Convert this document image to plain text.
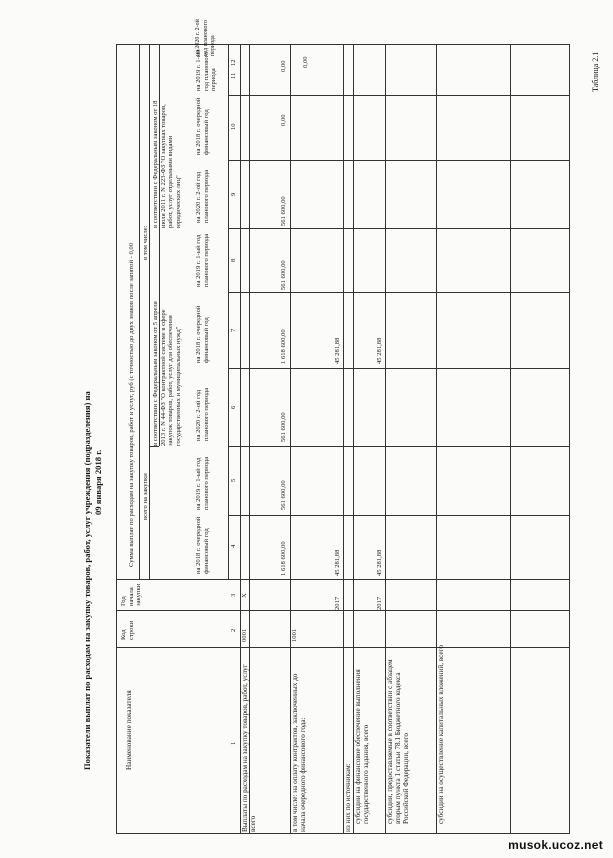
Таблица 2.1
Показатели выплат по расходам на закупку товаров, работ, услуг учреждения (подразделения) на 09 января 2018 г.
Наименование показателя
Код строки
Год начала закупки
Сумма выплат по расходам на закупку товаров, работ и услуг, руб (с точностью до двух знаков после запятой - 0,00 всего на закупки
в том числе:
в соответствии с Федеральным законом от 5 апреля 2013 г. N 44-ФЗ "О контрактной системе в сфере закупок товаров, работ, услуг для обеспечения государственных и муниципальных нужд"
в соответствии с Федеральным законом от 18 июля 2011 г. N 223-ФЗ "О закупках товаров, работ, услуг отдельными видами юридических лиц"
на 2018 г. очередной финансовый год
на 2019 г. 1-ый год планового периода
на 2020 г. 2-ой год планового периода
на 2018 г. очередной финансовый год
на 2019 г. 1-ый год планового периода
на 2020 г. 2-ой год планового периода
на 2018 г. очередной финансовый год
на 2019 г. 1-ый год планового периода
на 2020 г. 2-ой год планового периода
1
2
3
4
5
6
7
8
9
10
11
12
Выплаты по расходам на закупку товаров, работ, услуг всего
0001
X
1 618 600,00
561 600,00
561 600,00
1 618 600,00
561 600,00
561 600,00
0,00
0,00 0,00
в том числе: на оплату контрактов, заключенных до начала очередного финансового года:
1001
2017
45 281,88
45 281,88
из них по источникам: субсидии на финансовое обеспечение выполнения государственного задания, всего
2017
45 281,88
45 281,88
субсидии, предоставляемые в соответствии с абзацем вторым пункта 1 статьи 78.1 Бюджетного кодекса Российской Федерации, всего	субсидии на осуществление капитальных вложений, всего
musok.ucoz.net
